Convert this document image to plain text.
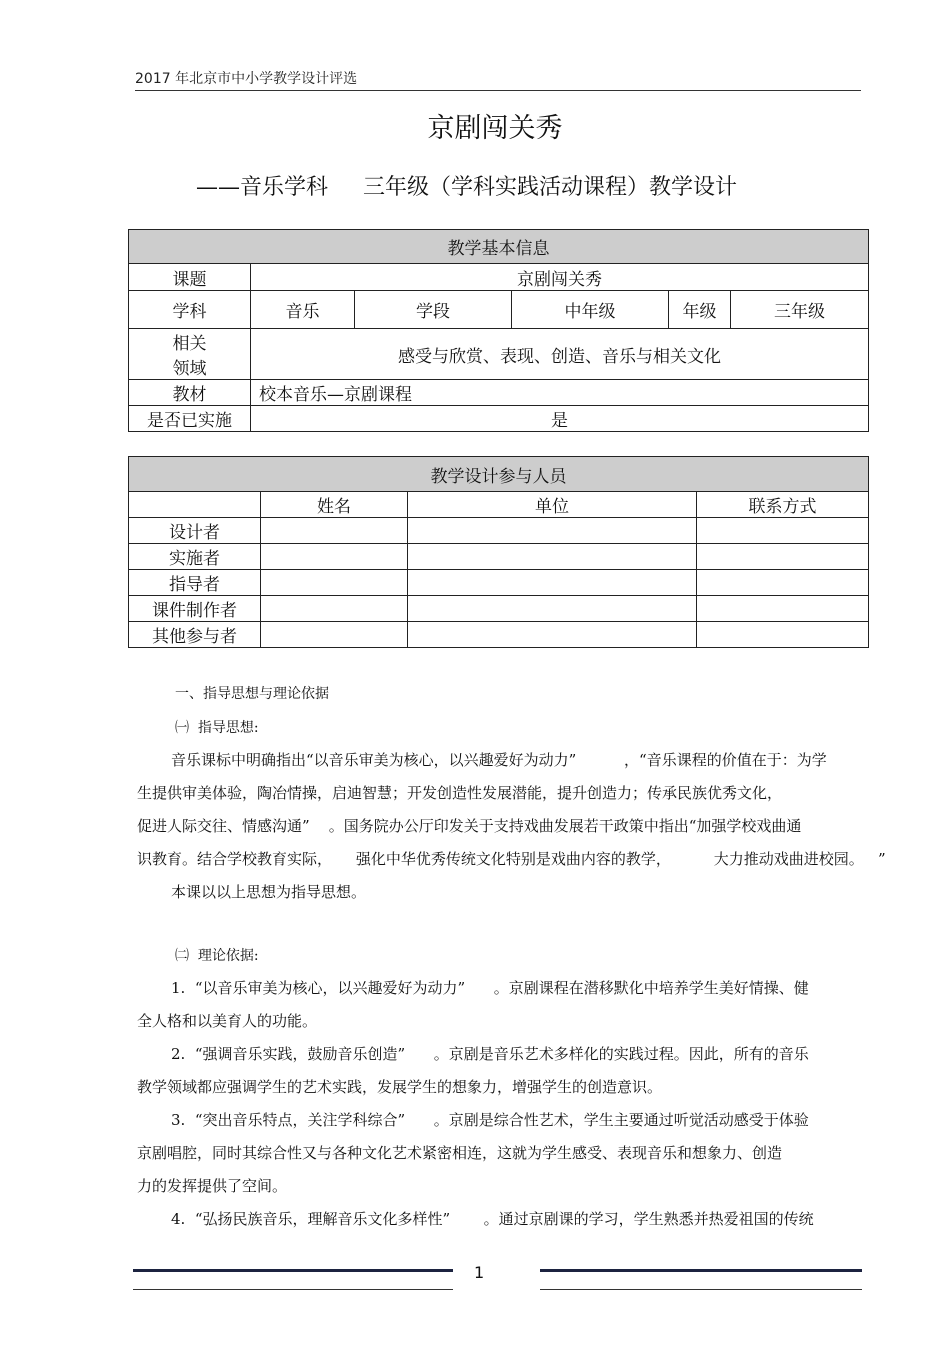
2017 年北京市中小学教学设计评选
京剧闯关秀
——音乐学科     三年级（学科实践活动课程）教学设计
教学基本信息					
课题	京剧闯关秀				
学科	音乐	学段	中年级	年级	三年级

相关
领域	感受与欣赏、表现、创造、音乐与相关文化				
教材	校本音乐—京剧课程				
是否已实施	是				
教学设计参与人员			
	姓名	单位	联系方式
设计者			
实施者			
指导者			
课件制作者			
其他参与者			
一、指导思想与理论依据
㈠  指导思想:
音乐课标中明确指出“以音乐审美为核心，以兴趣爱好为动力”          ，“音乐课程的价值在于：为学
生提供审美体验，陶冶情操，启迪智慧；开发创造性发展潜能，提升创造力；传承民族优秀文化，
促进人际交往、情感沟通”    。国务院办公厅印发关于支持戏曲发展若干政策中指出“加强学校戏曲通
识教育。结合学校教育实际，     强化中华优秀传统文化特别是戏曲内容的教学，         大力推动戏曲进校园。   ”
本课以以上思想为指导思想。
㈡  理论依据:
1.  “以音乐审美为核心，以兴趣爱好为动力”      。京剧课程在潜移默化中培养学生美好情操、健
全人格和以美育人的功能。
2.  “强调音乐实践，鼓励音乐创造”      。京剧是音乐艺术多样化的实践过程。因此，所有的音乐
教学领域都应强调学生的艺术实践，发展学生的想象力，增强学生的创造意识。
3.  “突出音乐特点，关注学科综合”      。京剧是综合性艺术，学生主要通过听觉活动感受于体验
京剧唱腔，同时其综合性又与各种文化艺术紧密相连，这就为学生感受、表现音乐和想象力、创造
力的发挥提供了空间。
4.  “弘扬民族音乐，理解音乐文化多样性”       。通过京剧课的学习，学生熟悉并热爱祖国的传统
1
